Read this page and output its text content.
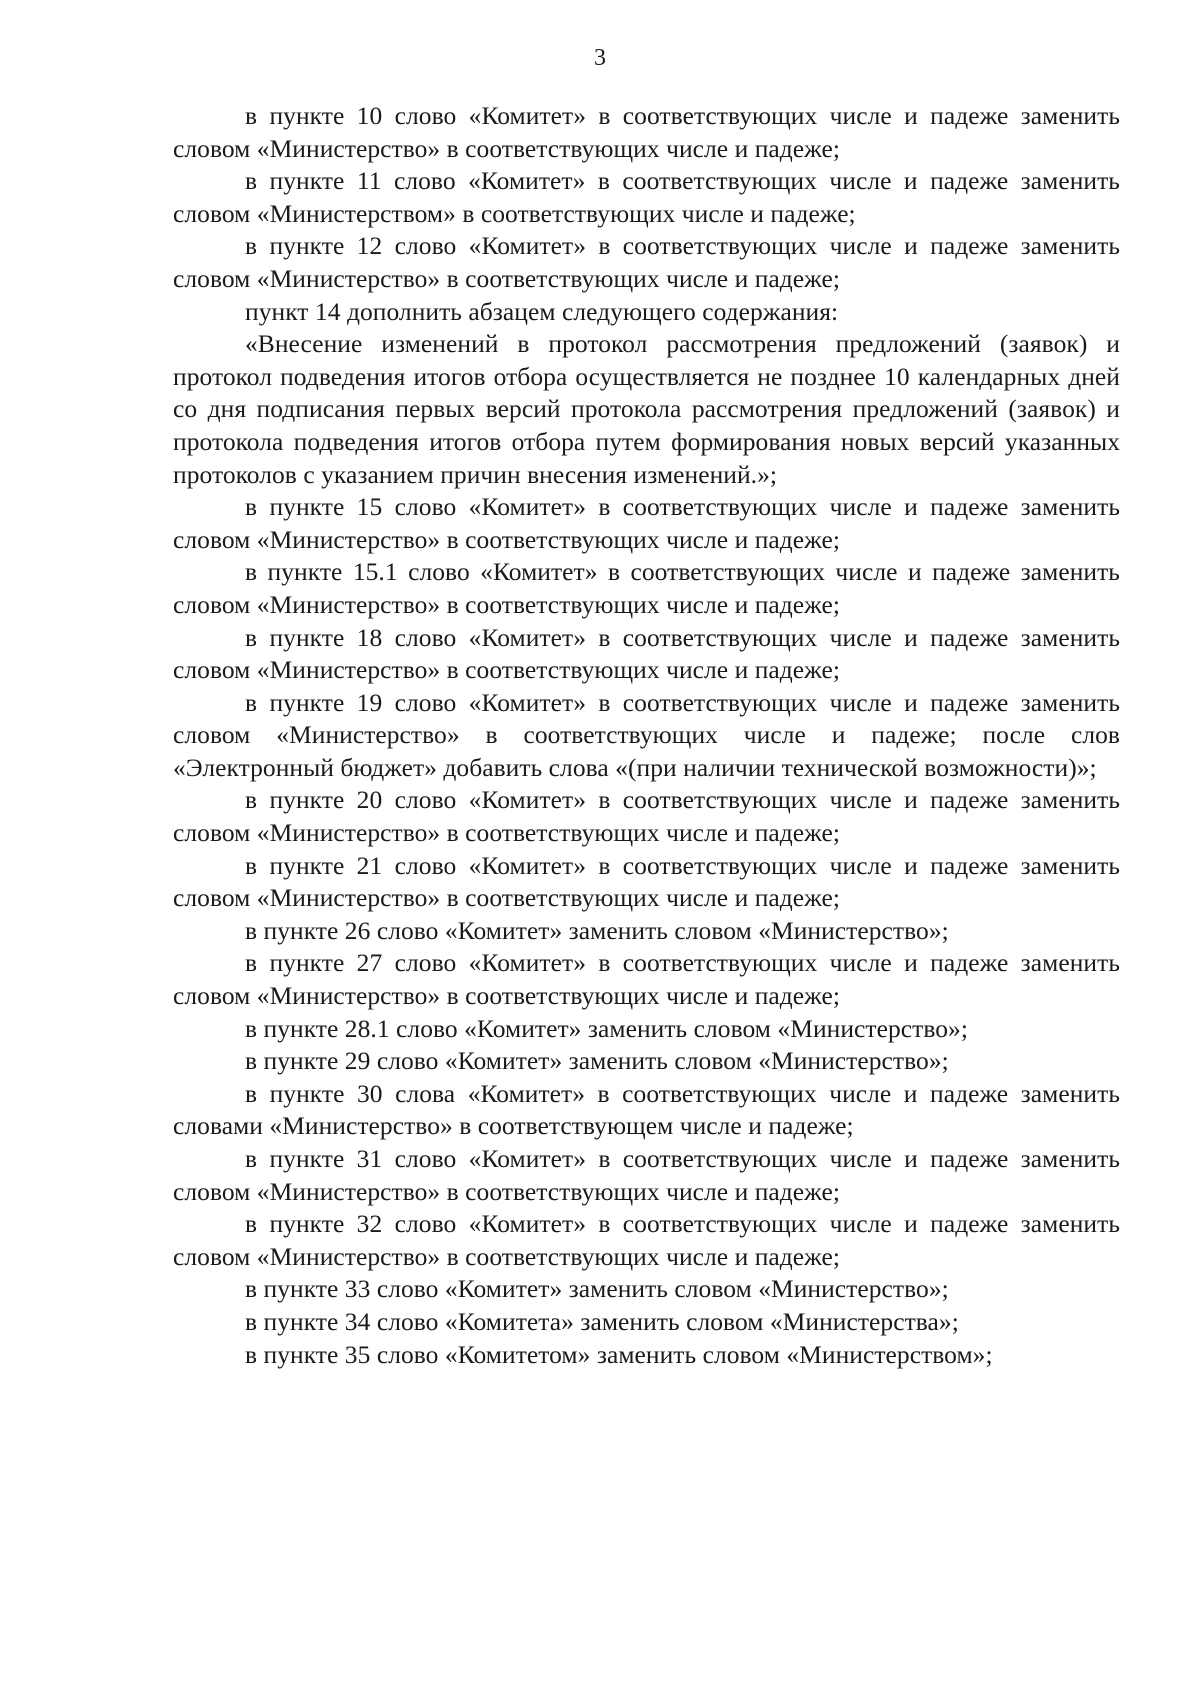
3

в пункте 10 слово «Комитет» в соответствующих числе и падеже заменить словом «Министерство» в соответствующих числе и падеже;

в пункте 11 слово «Комитет» в соответствующих числе и падеже заменить словом «Министерством» в соответствующих числе и падеже;

в пункте 12 слово «Комитет» в соответствующих числе и падеже заменить словом «Министерство» в соответствующих числе и падеже;

пункт 14 дополнить абзацем следующего содержания:

«Внесение изменений в протокол рассмотрения предложений (заявок) и протокол подведения итогов отбора осуществляется не позднее 10 календарных дней со дня подписания первых версий протокола рассмотрения предложений (заявок) и протокола подведения итогов отбора путем формирования новых версий указанных протоколов с указанием причин внесения изменений.»;

в пункте 15 слово «Комитет» в соответствующих числе и падеже заменить словом «Министерство» в соответствующих числе и падеже;

в пункте 15.1 слово «Комитет» в соответствующих числе и падеже заменить словом «Министерство» в соответствующих числе и падеже;

в пункте 18 слово «Комитет» в соответствующих числе и падеже заменить словом «Министерство» в соответствующих числе и падеже;

в пункте 19 слово «Комитет» в соответствующих числе и падеже заменить словом «Министерство» в соответствующих числе и падеже; после слов «Электронный бюджет» добавить слова «(при наличии технической возможности)»;

в пункте 20 слово «Комитет» в соответствующих числе и падеже заменить словом «Министерство» в соответствующих числе и падеже;

в пункте 21 слово «Комитет» в соответствующих числе и падеже заменить словом «Министерство» в соответствующих числе и падеже;

в пункте 26 слово «Комитет» заменить словом «Министерство»;

в пункте 27 слово «Комитет» в соответствующих числе и падеже заменить словом «Министерство» в соответствующих числе и падеже;

в пункте 28.1 слово «Комитет» заменить словом «Министерство»;

в пункте 29 слово «Комитет» заменить словом «Министерство»;

в пункте 30 слова «Комитет» в соответствующих числе и падеже заменить словами «Министерство» в соответствующем числе и падеже;

в пункте 31 слово «Комитет» в соответствующих числе и падеже заменить словом «Министерство» в соответствующих числе и падеже;

в пункте 32 слово «Комитет» в соответствующих числе и падеже заменить словом «Министерство» в соответствующих числе и падеже;

в пункте 33 слово «Комитет» заменить словом «Министерство»;

в пункте 34 слово «Комитета» заменить словом «Министерства»;

в пункте 35 слово «Комитетом» заменить словом «Министерством»;
